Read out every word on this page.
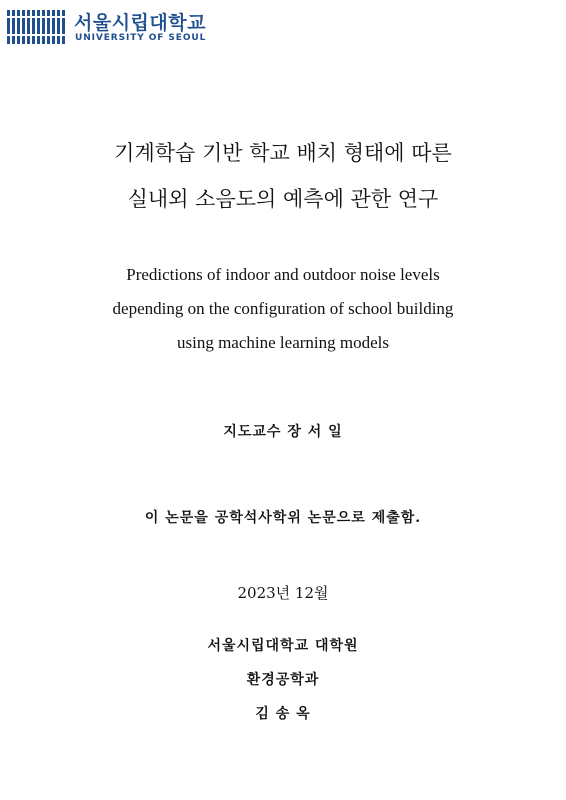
서울시립대학교
UNIVERSITY OF SEOUL
기계학습 기반 학교 배치 형태에 따른
실내외 소음도의 예측에 관한 연구
Predictions of indoor and outdoor noise levels
depending on the configuration of school building
using machine learning models
지도교수 장 서 일
이 논문을 공학석사학위 논문으로 제출함.
2023년 12월
서울시립대학교 대학원
환경공학과
김 송 옥
